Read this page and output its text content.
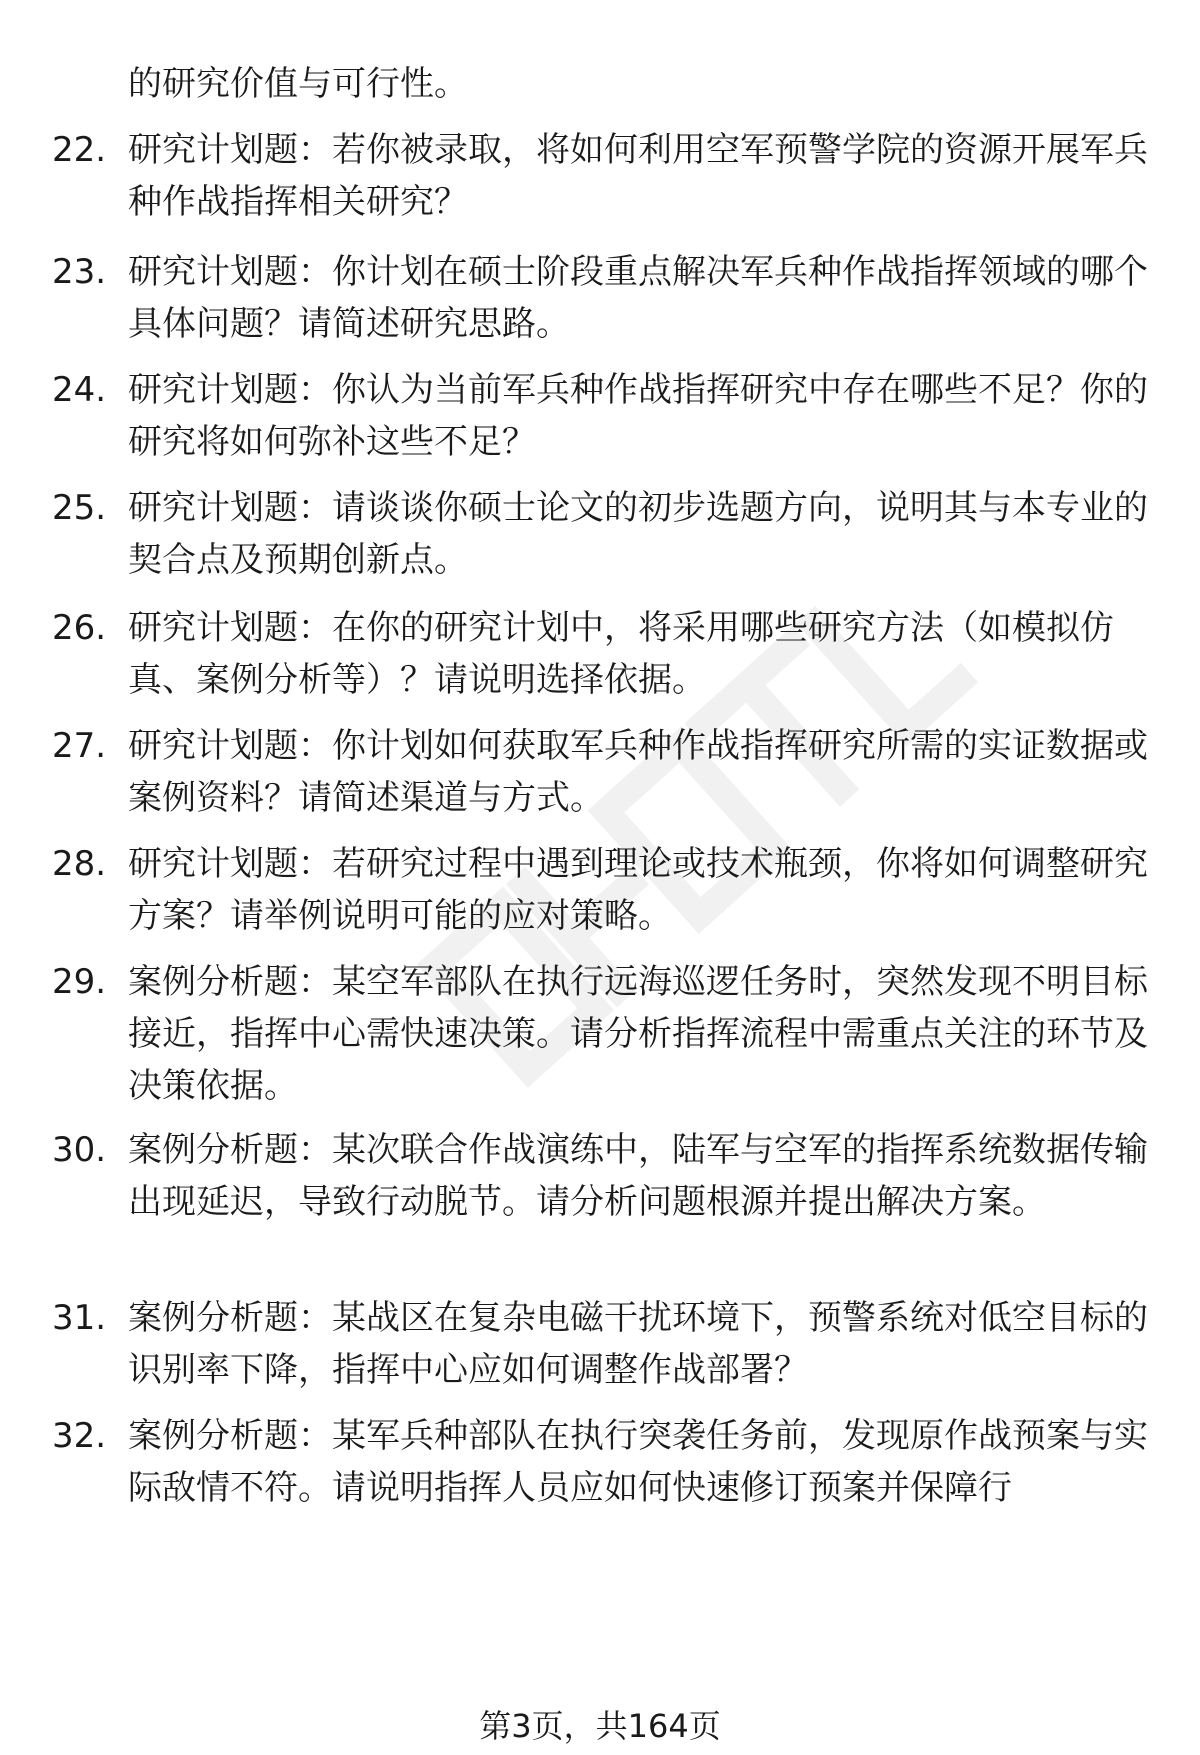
的研究价值与可行性。

22. 研究计划题：若你被录取，将如何利用空军预警学院的资源开展军兵种作战指挥相关研究？

23. 研究计划题：你计划在硕士阶段重点解决军兵种作战指挥领域的哪个具体问题？请简述研究思路。

24. 研究计划题：你认为当前军兵种作战指挥研究中存在哪些不足？你的研究将如何弥补这些不足？

25. 研究计划题：请谈谈你硕士论文的初步选题方向，说明其与本专业的契合点及预期创新点。

26. 研究计划题：在你的研究计划中，将采用哪些研究方法（如模拟仿真、案例分析等）？请说明选择依据。

27. 研究计划题：你计划如何获取军兵种作战指挥研究所需的实证数据或案例资料？请简述渠道与方式。

28. 研究计划题：若研究过程中遇到理论或技术瓶颈，你将如何调整研究方案？请举例说明可能的应对策略。

29. 案例分析题：某空军部队在执行远海巡逻任务时，突然发现不明目标接近，指挥中心需快速决策。请分析指挥流程中需重点关注的环节及决策依据。

30. 案例分析题：某次联合作战演练中，陆军与空军的指挥系统数据传输出现延迟，导致行动脱节。请分析问题根源并提出解决方案。

31. 案例分析题：某战区在复杂电磁干扰环境下，预警系统对低空目标的识别率下降，指挥中心应如何调整作战部署？

32. 案例分析题：某军兵种部队在执行突袭任务前，发现原作战预案与实际敌情不符。请说明指挥人员应如何快速修订预案并保障行

第3页，共164页
